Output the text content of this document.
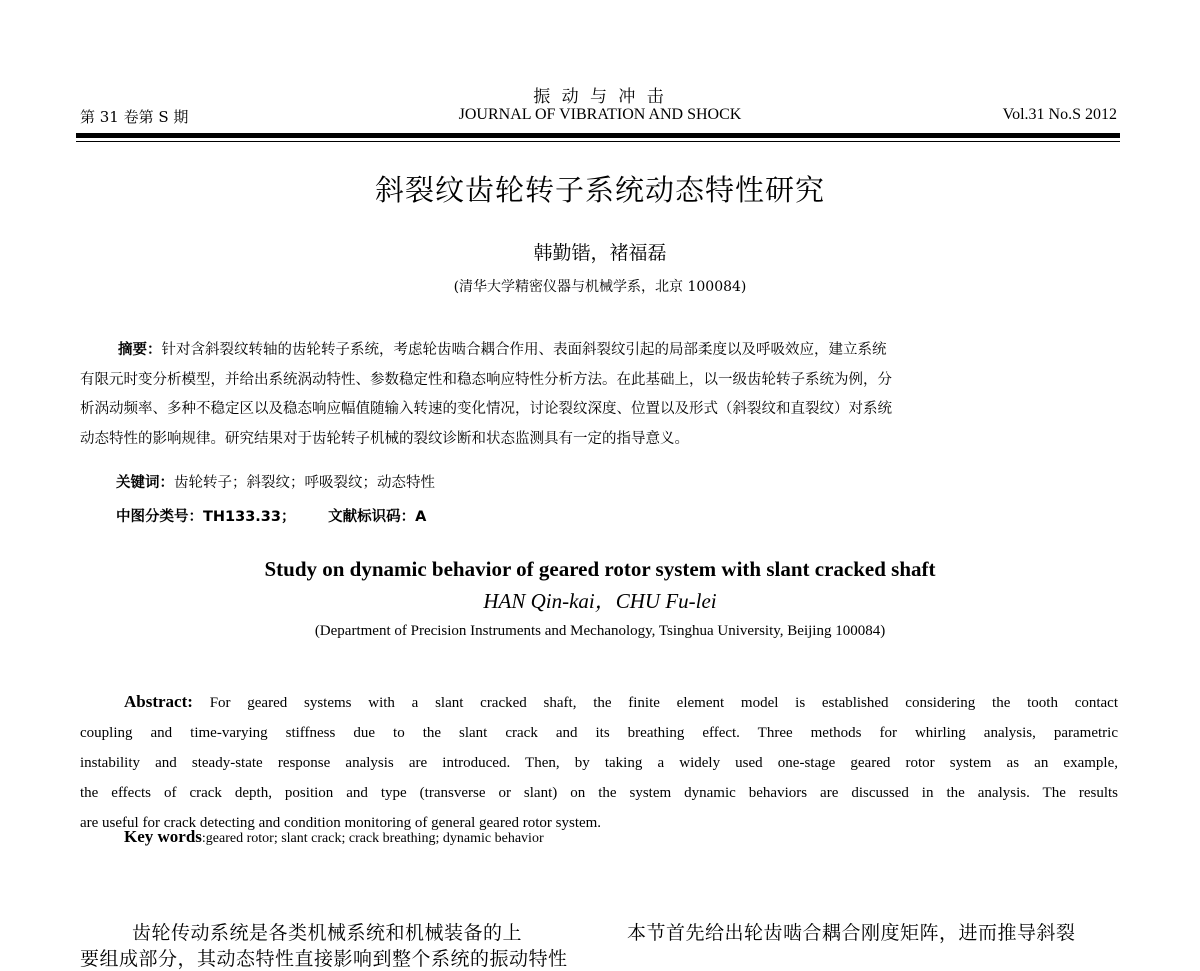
振 动 与 冲 击
第 31 卷第 S 期	JOURNAL OF VIBRATION AND SHOCK	Vol.31 No.S 2012
斜裂纹齿轮转子系统动态特性研究
韩勤锴，褚福磊
(清华大学精密仪器与机械学系，北京 100084)
摘要：针对含斜裂纹转轴的齿轮转子系统，考虑轮齿啮合耦合作用、表面斜裂纹引起的局部柔度以及呼吸效应，建立系统
有限元时变分析模型，并给出系统涡动特性、参数稳定性和稳态响应特性分析方法。在此基础上，以一级齿轮转子系统为例，分
析涡动频率、多种不稳定区以及稳态响应幅值随输入转速的变化情况，讨论裂纹深度、位置以及形式（斜裂纹和直裂纹）对系统
动态特性的影响规律。研究结果对于齿轮转子机械的裂纹诊断和状态监测具有一定的指导意义。
关键词：齿轮转子；斜裂纹；呼吸裂纹；动态特性
中图分类号：TH133.33； 文献标识码：A
Study on dynamic behavior of geared rotor system with slant cracked shaft
HAN Qin-kai，CHU Fu-lei
(Department of Precision Instruments and Mechanology, Tsinghua University, Beijing 100084)
Abstract: For geared systems with a slant cracked shaft, the finite element model is established considering the tooth contact
coupling and time-varying stiffness due to the slant crack and its breathing effect. Three methods for whirling analysis, parametric
instability and steady-state response analysis are introduced. Then, by taking a widely used one-stage geared rotor system as an example,
the effects of crack depth, position and type (transverse or slant) on the system dynamic behaviors are discussed in the analysis. The results
are useful for crack detecting and condition monitoring of general geared rotor system.
Key words:geared rotor; slant crack; crack breathing; dynamic behavior
齿轮传动系统是各类机械系统和机械装备的上
要组成部分，其动态特性直接影响到整个系统的振动特性
本节首先给出轮齿啮合耦合刚度矩阵，进而推导斜裂
